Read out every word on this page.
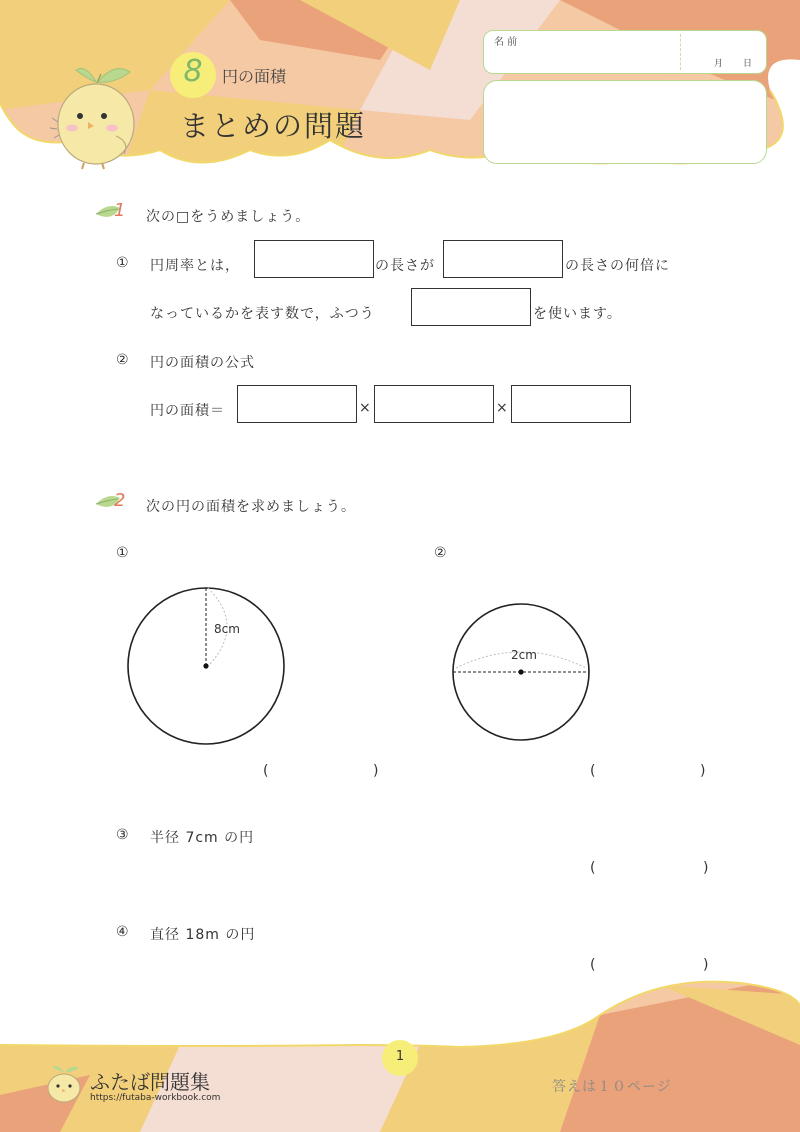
8	円の面積
まとめの問題
名 前
月 日
1 次の□をうめましょう。
① 円周率とは，	の長さが	の長さの何倍に
なっているかを表す数で，ふつう	を使います。
② 円の面積の公式
円の面積＝	×	×
2 次の円の面積を求めましょう。
①	②
8cm
2cm
(	)	(	)
③ 半径 7cm の円
(	)
④ 直径 18m の円
(	)
1
ふたば問題集
https://futaba-workbook.com
答えは１０ページ
